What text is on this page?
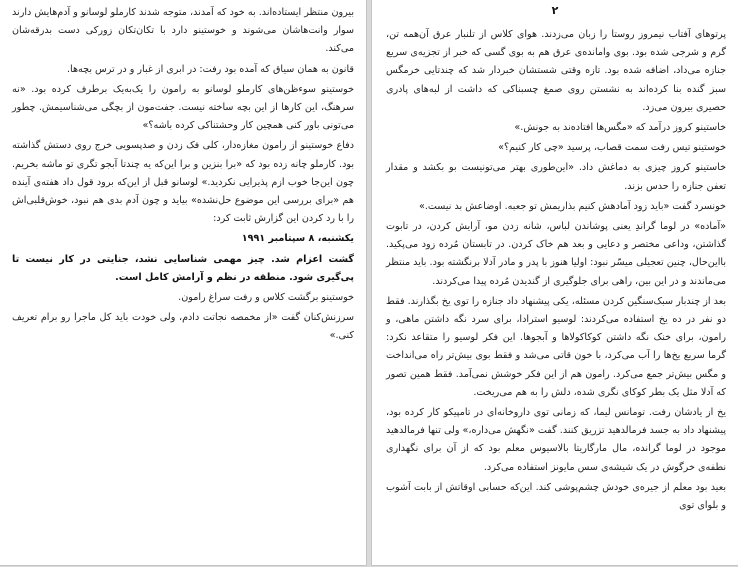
بیرون منتظر ایستاده‌اند. به خود که آمدند، متوجه شدند کارملو لوسانو و آدم‌هایش دارند سوار وانت‌هاشان می‌شوند و خوستینو دارد با تکان‌تکان زورکی دست‌ ‌بدرقه‌شان می‌کند.

قانون به همان سیاق که آمده بود رفت: در ابری از غبار و در ترس بچه‌ها.

خوستینو سوءظن‌های کارملو لوسانو به رامون را یک‌به‌یک برطرف کرده بود. «نه سرهنگ، این کارها از این بچه ساخته نیست. جفت‌مون از بچگی می‌شناسیمش. چطور می‌تونی باور کنی همچین کار وحشتناکی کرده باشه؟»

دفاع خوستینو از رامون مغازه‌دار، کلی فک زدن و صدپسویی خرج روی دستش گذاشته بود. کارملو چانه زده بود که «برا بنزین و برا این‌که یه چندتا آبجو تگری تو ماشه بخریم. چون این‌جا خوب ازم پذیرایی نکردید.» لوسانو قبل از این‌که برود قول داد هفته‌ی آینده هم «برای بررسی این موضوع حل‌نشده» بیاید و چون آدم بدی هم نبود، خوش‌قلبی‌اش را با رد کردن این گزارش ثابت کرد:

یکشنبه، ۸ سپتامبر ۱۹۹۱

گشت اعزام شد. چیز مهمی شناسایی نشد، جنایتی در کار نیست تا پی‌گیری شود. منطقه در نظم و آرامش کامل است.

خوستینو برگشت کلاس و رفت سراغ رامون.

سرزنش‌کنان گفت «از مخمصه نجاتت دادم، ولی خودت باید کل ماجرا رو برام تعریف کنی.»

۲

پرتوهای آفتاب نیمروز روستا را زبان می‌زدند. هوای کلاس از تلنبار عرق آن‌همه تن، گرم و شرجی شده بود. بوی وامانده‌ی عرق هم به بوی گسی که خبر از تجزیه‌ی سریع جنازه می‌داد، اضافه شده بود. تازه وقتی شستشان خبردار شد که چندتایی خرمگس سبز گنده بنا کرده‌اند به نشستن روی صمغ چسبناکی که داشت از لبه‌های پادری حصیری بیرون می‌زد.

خاستینو کروز درآمد که «مگس‌ها افتاده‌ند به جونش.»

خوستینو تیس رفت سمت قصاب، پرسید «چی کار کنیم؟»

خاستینو کروز چیزی به دماغش داد. «این‌طوری بهتر می‌تونیست بو بکشد و مقدار تعفن جنازه را حدس بزند.

خونسرد گفت «باید زود آمادهش کنیم بذاریمش تو جعبه. اوضاعش بد نیست.»

«آماده» در لوما گراندِ یعنی پوشاندن لباس، شانه زدن مو، آرایش کردن، در تابوت گذاشتن، وداعی مختصر و دعایی و بعد هم خاک کردن. در تابستان مُرده زود می‌پکید. بااین‌حال، چنین تعجیلی میسّر نبود: اولیا هنوز با پدر و مادر آدلا برنگشته بود. باید منتظر می‌ماندند و در این بین، راهی برای جلوگیری از گندیدن مُرده پیدا می‌کردند.

بعد از چندبار سبک‌سنگین کردن مسئله، یکی پیشنهاد داد جنازه را توی یخ بگذارند. فقط دو نفر در ده یخ استفاده می‌کردند: لوسیو استرادا، برای سرد نگه داشتن ماهی، و رامون، برای خنک نگه داشتن کوکاکولاها و آبجوها. این فکر لوسیو را متقاعد نکرد: گرما سریع یخ‌ها را آب می‌کرد، با خون قاتی می‌شد و فقط بوی بیش‌تر راه می‌انداخت و مگس بیش‌تر جمع می‌کرد. رامون هم از این فکر خوشش نمی‌آمد. فقط همین تصور که آدلا مثل یک بطر کوکای نگری شده، دلش را به هم می‌ریخت.

یخ از یادشان رفت. تومانس لیما، که زمانی توی داروخانه‌ای در تامپیکو کار کرده بود، پیشنهاد داد به جسد فرمالدهید تزریق کنند. گفت «نگهش می‌داره،» ولی تنها فرمالدهید موجود در لوما گرانده، مال مارگاریتا بالاسیوس معلم بود که از آن برای نگهداری نطفه‌ی خرگوش در یک شیشه‌ی سس مایونز استفاده می‌کرد.

بعید بود معلم از جیره‌ی خودش چشم‌پوشی کند. این‌که حسابی اوقاتش از بابت آشوب و بلوای توی
